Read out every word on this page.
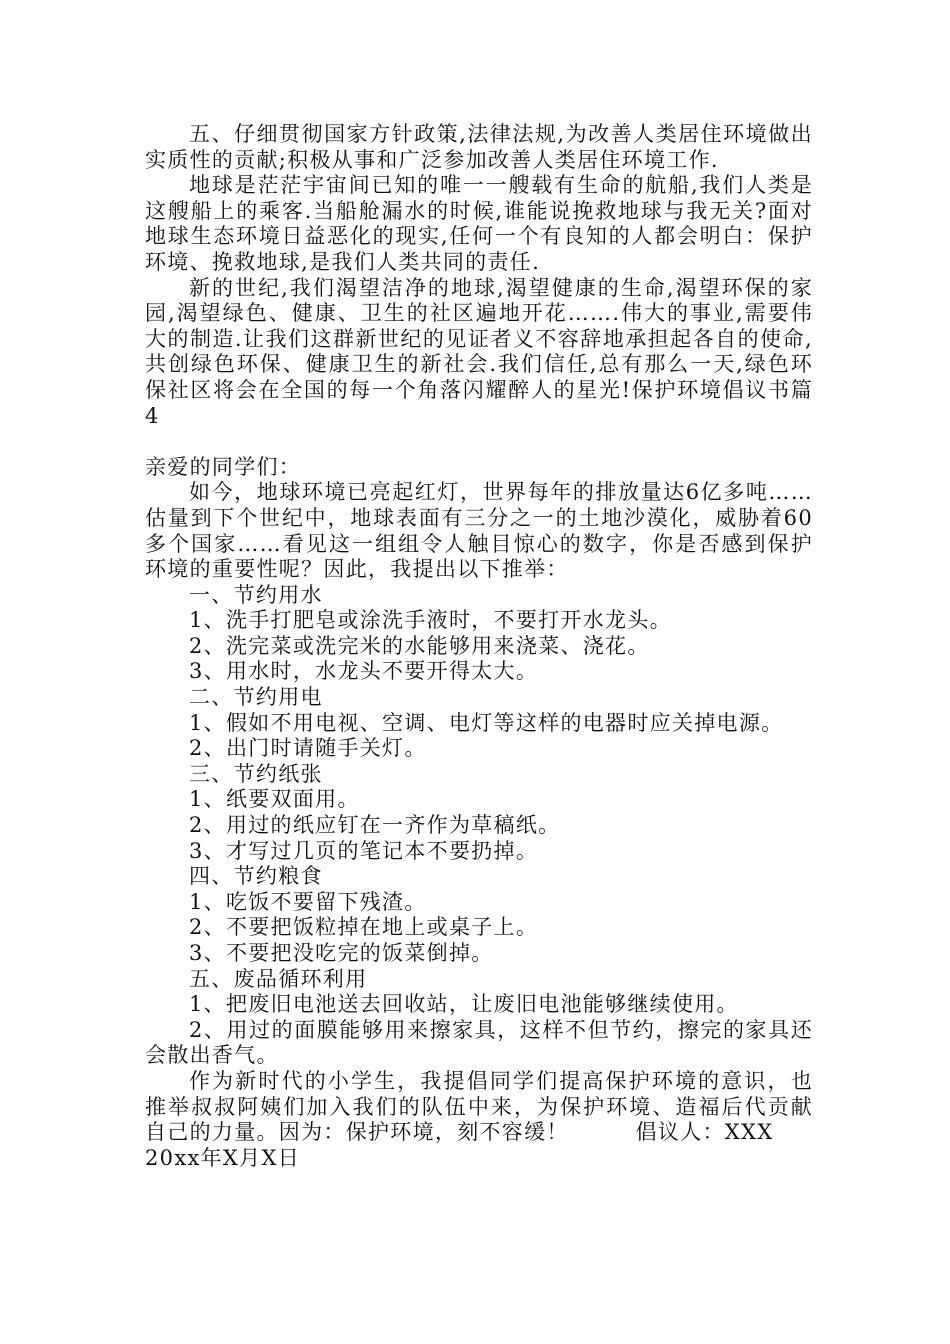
五、仔细贯彻国家方针政策,法律法规,为改善人类居住环境做出实质性的贡献;积极从事和广泛参加改善人类居住环境工作.

地球是茫茫宇宙间已知的唯一一艘载有生命的航船,我们人类是这艘船上的乘客.当船舱漏水的时候,谁能说挽救地球与我无关?面对地球生态环境日益恶化的现实,任何一个有良知的人都会明白：保护环境、挽救地球,是我们人类共同的责任.

新的世纪,我们渴望洁净的地球,渴望健康的生命,渴望环保的家园,渴望绿色、健康、卫生的社区遍地开花…….伟大的事业,需要伟大的制造.让我们这群新世纪的见证者义不容辞地承担起各自的使命,共创绿色环保、健康卫生的新社会.我们信任,总有那么一天,绿色环保社区将会在全国的每一个角落闪耀醉人的星光!保护环境倡议书篇4

亲爱的同学们：

如今，地球环境已亮起红灯，世界每年的排放量达6亿多吨……估量到下个世纪中，地球表面有三分之一的土地沙漠化，威胁着60多个国家……看见这一组组令人触目惊心的数字，你是否感到保护环境的重要性呢？因此，我提出以下推举：

一、节约用水

1、洗手打肥皂或涂洗手液时，不要打开水龙头。

2、洗完菜或洗完米的水能够用来浇菜、浇花。

3、用水时，水龙头不要开得太大。

二、节约用电

1、假如不用电视、空调、电灯等这样的电器时应关掉电源。

2、出门时请随手关灯。

三、节约纸张

1、纸要双面用。

2、用过的纸应钉在一齐作为草稿纸。

3、才写过几页的笔记本不要扔掉。

四、节约粮食

1、吃饭不要留下残渣。

2、不要把饭粒掉在地上或桌子上。

3、不要把没吃完的饭菜倒掉。

五、废品循环利用

1、把废旧电池送去回收站，让废旧电池能够继续使用。

2、用过的面膜能够用来擦家具，这样不但节约，擦完的家具还会散出香气。

作为新时代的小学生，我提倡同学们提高保护环境的意识，也推举叔叔阿姨们加入我们的队伍中来，为保护环境、造福后代贡献自己的力量。因为：保护环境，刻不容缓！　　　倡议人：XXX

20xx年X月X日
